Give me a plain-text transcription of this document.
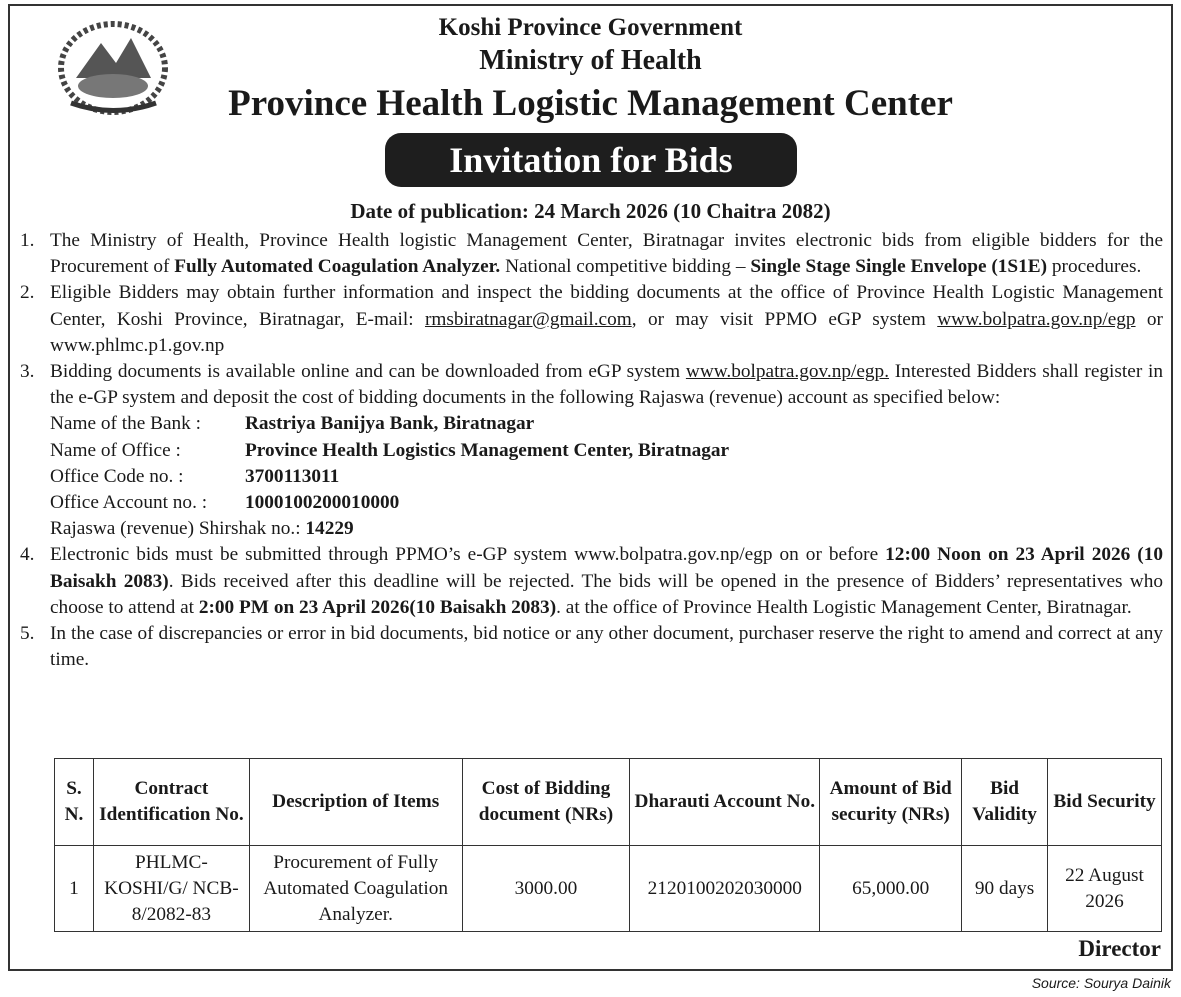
Koshi Province Government
Ministry of Health
Province Health Logistic Management Center
Invitation for Bids
Date of publication: 24 March 2026 (10 Chaitra 2082)
1. The Ministry of Health, Province Health logistic Management Center, Biratnagar invites electronic bids from eligible bidders for the Procurement of Fully Automated Coagulation Analyzer. National competitive bidding – Single Stage Single Envelope (1S1E) procedures.
2. Eligible Bidders may obtain further information and inspect the bidding documents at the office of Province Health Logistic Management Center, Koshi Province, Biratnagar, E-mail: rmsbiratnagar@gmail.com, or may visit PPMO eGP system www.bolpatra.gov.np/egp or www.phlmc.p1.gov.np
3. Bidding documents is available online and can be downloaded from eGP system www.bolpatra.gov.np/egp. Interested Bidders shall register in the e-GP system and deposit the cost of bidding documents in the following Rajaswa (revenue) account as specified below:
Name of the Bank :	Rastriya Banijya Bank, Biratnagar
Name of Office :	Province Health Logistics Management Center, Biratnagar
Office Code no. :	3700113011
Office Account no. :	1000100200010000
Rajaswa (revenue) Shirshak no.: 14229
4. Electronic bids must be submitted through PPMO’s e-GP system www.bolpatra.gov.np/egp on or before 12:00 Noon on 23 April 2026 (10 Baisakh 2083). Bids received after this deadline will be rejected. The bids will be opened in the presence of Bidders’ representatives who choose to attend at 2:00 PM on 23 April 2026(10 Baisakh 2083). at the office of Province Health Logistic Management Center, Biratnagar.
5. In the case of discrepancies or error in bid documents, bid notice or any other document, purchaser reserve the right to amend and correct at any time.
S. N.	Contract Identification No.	Description of Items	Cost of Bidding document (NRs)	Dharauti Account No.	Amount of Bid security (NRs)	Bid Validity	Bid Security
1	PHLMC-KOSHI/G/ NCB-8/2082-83	Procurement of Fully Automated Coagulation Analyzer.	3000.00	2120100202030000	65,000.00	90 days	22 August 2026
Director
Source: Sourya Dainik
